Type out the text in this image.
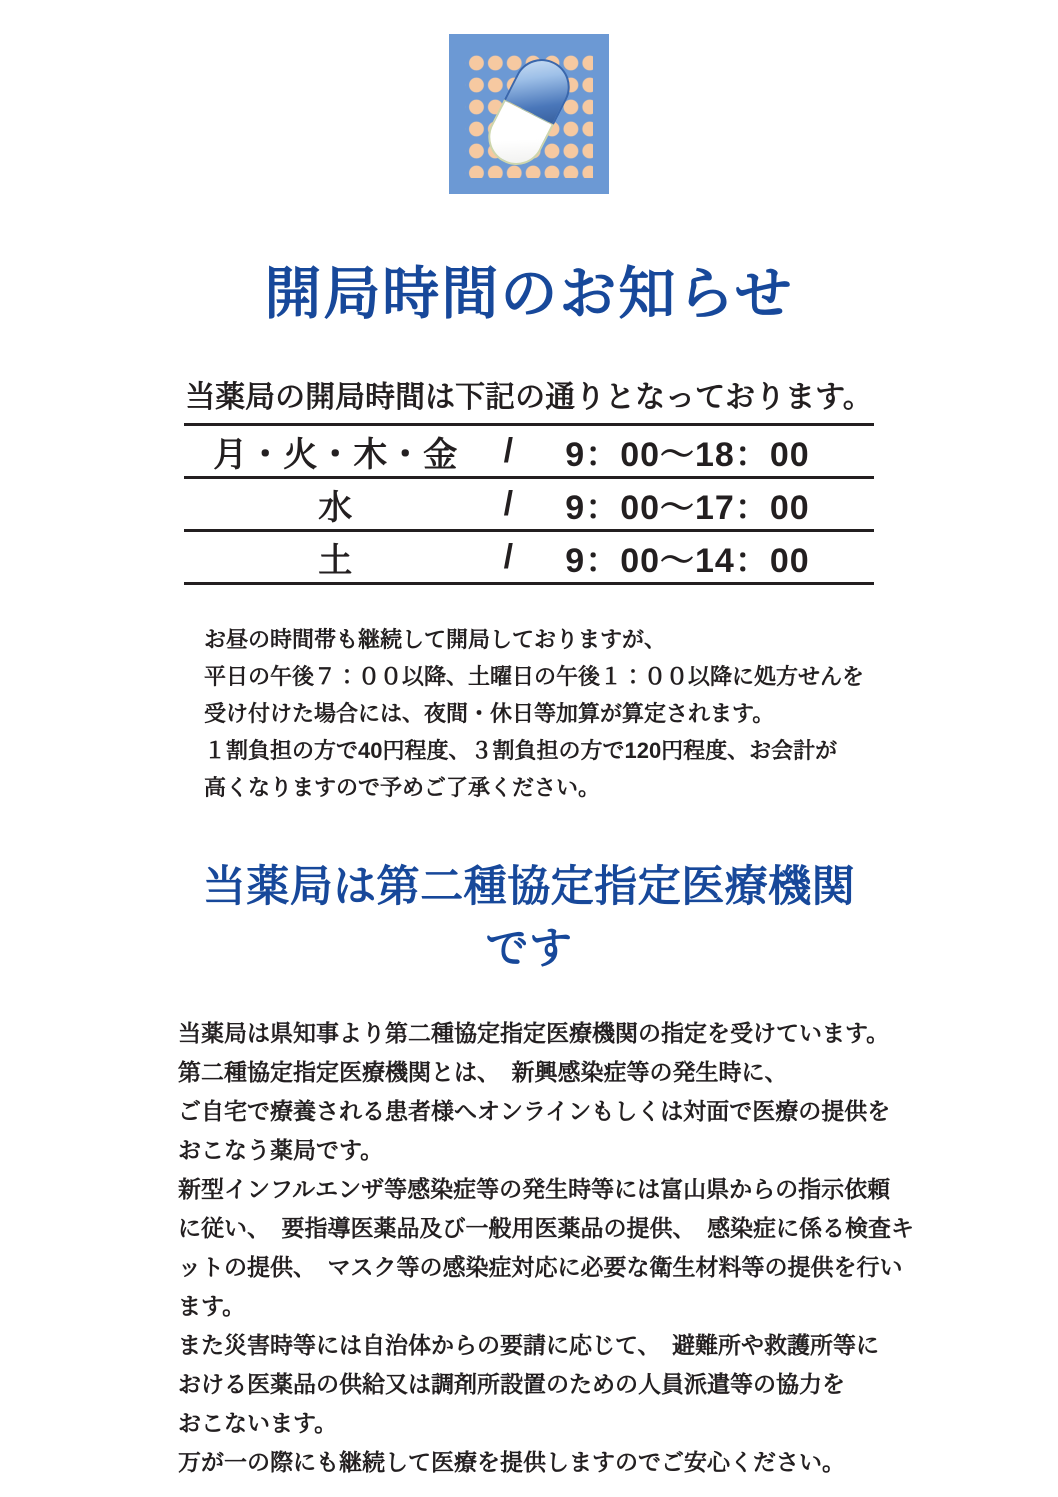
開局時間のお知らせ
当薬局の開局時間は下記の通りとなっております。
月・火・木・金	/	9：00～18：00
水	/	9：00～17：00
土	/	9：00～14：00
お昼の時間帯も継続して開局しておりますが、
平日の午後７：００以降、土曜日の午後１：００以降に処方せんを
受け付けた場合には、夜間・休日等加算が算定されます。
１割負担の方で40円程度、３割負担の方で120円程度、お会計が
高くなりますので予めご了承ください。
当薬局は第二種協定指定医療機関です
当薬局は県知事より第二種協定指定医療機関の指定を受けています。
第二種協定指定医療機関とは、　新興感染症等の発生時に、
ご自宅で療養される患者様へオンラインもしくは対面で医療の提供を
おこなう薬局です。
新型インフルエンザ等感染症等の発生時等には富山県からの指示依頼
に従い、　要指導医薬品及び一般用医薬品の提供、　感染症に係る検査キ
ットの提供、　マスク等の感染症対応に必要な衛生材料等の提供を行い
ます。
また災害時等には自治体からの要請に応じて、　避難所や救護所等に
おける医薬品の供給又は調剤所設置のための人員派遣等の協力を
おこないます。
万が一の際にも継続して医療を提供しますのでご安心ください。
